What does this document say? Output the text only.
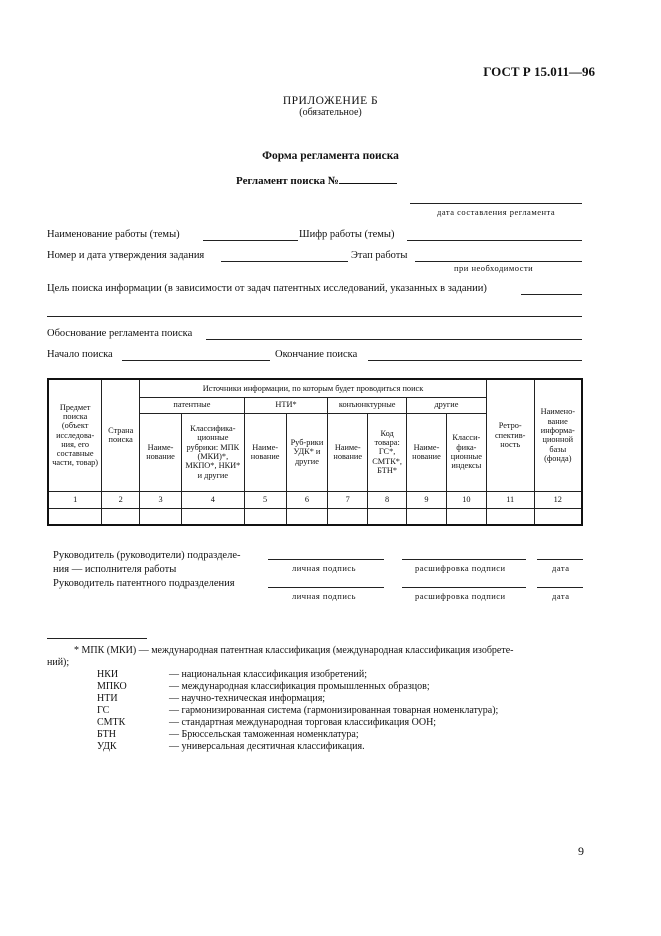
ГОСТ Р 15.011—96
ПРИЛОЖЕНИЕ Б
(обязательное)
Форма регламента поиска
Регламент поиска №
дата составления регламента
Наименование работы (темы)	Шифр работы (темы)
Номер и дата утверждения задания	Этап работы
при необходимости
Цель поиска информации (в зависимости от задач патентных исследований, указанных в задании)
Обоснование регламента поиска
Начало поиска	Окончание поиска
Предмет поиска (объект исследова-ния, его составные части, товар)	Страна поиска	Источники информации, по которым будет проводиться поиск								Ретро-спектив-ность	Наимено-вание информа-ционной базы (фонда)
		патентные		НТИ*		конъюнктурные		другие			
		Наиме-нование	Классифика-ционные рубрики: МПК (МКИ)*, МКПО*, НКИ* и другие	Наиме-нование	Руб-рики УДК* и другие	Наиме-нование	Код товара: ГС*, СМТК*, БТН*	Наиме-нование	Класси-фика-ционные индексы		
1	2	3	4	5	6	7	8	9	10	11	12

Руководитель (руководители) подразделе-
ния — исполнителя работы	личная подпись	расшифровка подписи	дата
Руководитель патентного подразделения
личная подпись	расшифровка подписи	дата
* МПК (МКИ) — международная патентная классификация (международная классификация изобрете-
ний);
НКИ	— национальная классификация изобретений;
МПКО	— международная классификация промышленных образцов;
НТИ	— научно-техническая информация;
ГС	— гармонизированная система (гармонизированная товарная номенклатура);
СМТК	— стандартная международная торговая классификация ООН;
БТН	— Брюссельская таможенная номенклатура;
УДК	— универсальная десятичная классификация.
9
